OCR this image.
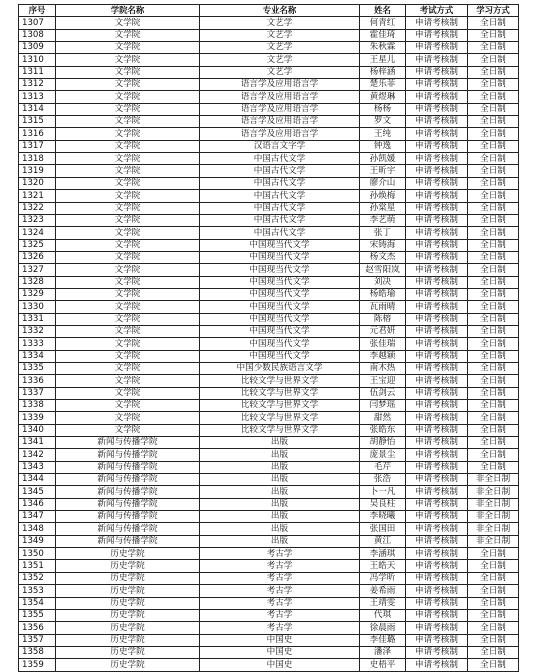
序号	学院名称	专业名称	姓名	考试方式	学习方式
1307	文学院	文艺学	何青红	申请考核制	全日制
1308	文学院	文艺学	霍佳琦	申请考核制	全日制
1309	文学院	文艺学	朱秋霖	申请考核制	全日制
1310	文学院	文艺学	王星儿	申请考核制	全日制
1311	文学院	文艺学	杨梓涵	申请考核制	全日制
1312	文学院	语言学及应用语言学	楚乐菲	申请考核制	全日制
1313	文学院	语言学及应用语言学	黄煜琳	申请考核制	全日制
1314	文学院	语言学及应用语言学	杨杨	申请考核制	全日制
1315	文学院	语言学及应用语言学	罗文	申请考核制	全日制
1316	文学院	语言学及应用语言学	王纯	申请考核制	全日制
1317	文学院	汉语言文字学	钟逸	申请考核制	全日制
1318	文学院	中国古代文学	孙凯媛	申请考核制	全日制
1319	文学院	中国古代文学	王昕宇	申请考核制	全日制
1320	文学院	中国古代文学	廖介山	申请考核制	全日制
1321	文学院	中国古代文学	孙焕梅	申请考核制	全日制
1322	文学院	中国古代文学	孙棠星	申请考核制	全日制
1323	文学院	中国古代文学	李艺萌	申请考核制	全日制
1324	文学院	中国古代文学	张丁	申请考核制	全日制
1325	文学院	中国现当代文学	宋铸海	申请考核制	全日制
1326	文学院	中国现当代文学	杨文杰	申请考核制	全日制
1327	文学院	中国现当代文学	赵雪阳岚	申请考核制	全日制
1328	文学院	中国现当代文学	刘决	申请考核制	全日制
1329	文学院	中国现当代文学	杨皓瑜	申请考核制	全日制
1330	文学院	中国现当代文学	瓦雨晴	申请考核制	全日制
1331	文学院	中国现当代文学	陈榕	申请考核制	全日制
1332	文学院	中国现当代文学	元君妍	申请考核制	全日制
1333	文学院	中国现当代文学	张佳瑞	申请考核制	全日制
1334	文学院	中国现当代文学	李越颖	申请考核制	全日制
1335	文学院	中国少数民族语言文学	南木热	申请考核制	全日制
1336	文学院	比较文学与世界文学	王宝迎	申请考核制	全日制
1337	文学院	比较文学与世界文学	伍剑云	申请考核制	全日制
1338	文学院	比较文学与世界文学	闫梦瑶	申请考核制	全日制
1339	文学院	比较文学与世界文学	甜然	申请考核制	全日制
1340	文学院	比较文学与世界文学	张皓东	申请考核制	全日制
1341	新闻与传播学院	出版	胡静怡	申请考核制	全日制
1342	新闻与传播学院	出版	庞景尘	申请考核制	全日制
1343	新闻与传播学院	出版	毛芹	申请考核制	全日制
1344	新闻与传播学院	出版	张浩	申请考核制	非全日制
1345	新闻与传播学院	出版	卜一凡	申请考核制	非全日制
1346	新闻与传播学院	出版	吴良柱	申请考核制	非全日制
1347	新闻与传播学院	出版	李晓曦	申请考核制	非全日制
1348	新闻与传播学院	出版	张国田	申请考核制	非全日制
1349	新闻与传播学院	出版	黄江	申请考核制	非全日制
1350	历史学院	考古学	李涵琪	申请考核制	全日制
1351	历史学院	考古学	王皓天	申请考核制	全日制
1352	历史学院	考古学	冯学昕	申请考核制	全日制
1353	历史学院	考古学	姜希雨	申请考核制	全日制
1354	历史学院	考古学	王靖雯	申请考核制	全日制
1355	历史学院	考古学	代琪	申请考核制	全日制
1356	历史学院	考古学	徐晨雨	申请考核制	全日制
1357	历史学院	中国史	李佳璐	申请考核制	全日制
1358	历史学院	中国史	潘泽	申请考核制	全日制
1359	历史学院	中国史	史梧平	申请考核制	全日制
